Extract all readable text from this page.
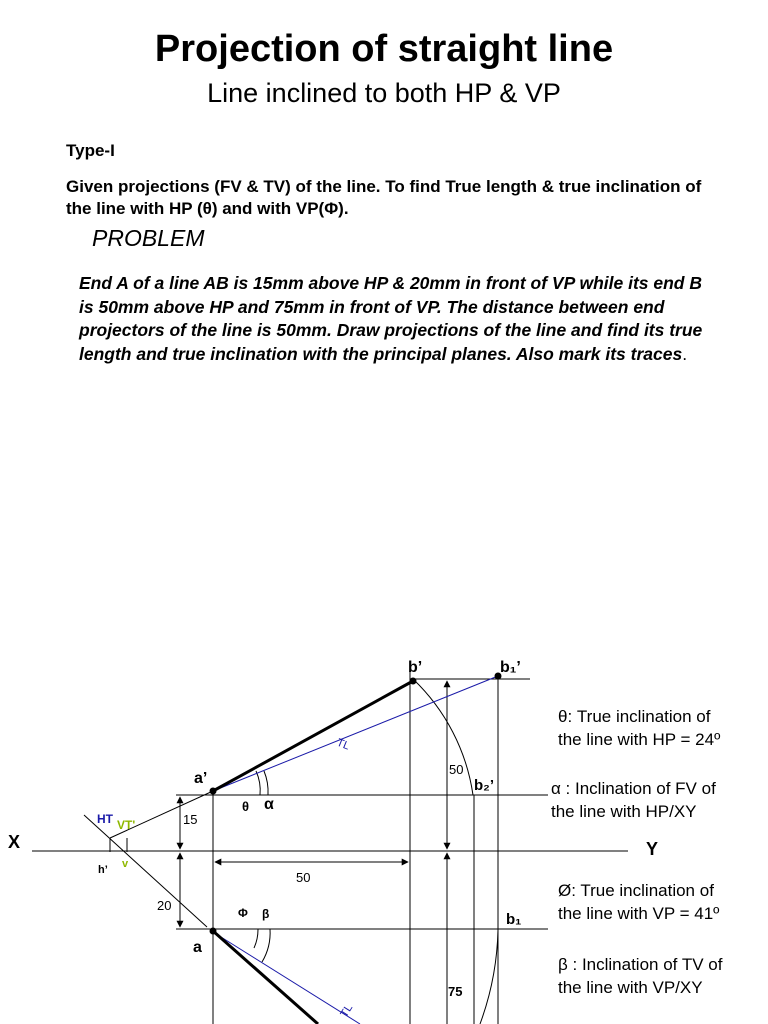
Projection of straight line
Line inclined to both HP & VP
Type-I
Given projections (FV & TV) of the line. To find True length & true inclination of the line with HP (θ) and with VP(Φ).
PROBLEM
End A of a line AB is 15mm above HP & 20mm in front of VP while its end B is 50mm above HP and 75mm in front of VP. The distance between end projectors of the line is 50mm. Draw projections of the line and find its true length and true inclination with the principal planes. Also mark its traces.
X	Y
b’	b₁’
a’	b₂’
a
b₁
HT VT'
h’ v
TL
TL
θ α
Φ β
15
20
50
50
75
θ: True inclination of
the line with HP = 24º
α : Inclination of FV of
the line with HP/XY
Ø: True inclination of
the line with VP = 41º
β : Inclination of TV of
the line with VP/XY
